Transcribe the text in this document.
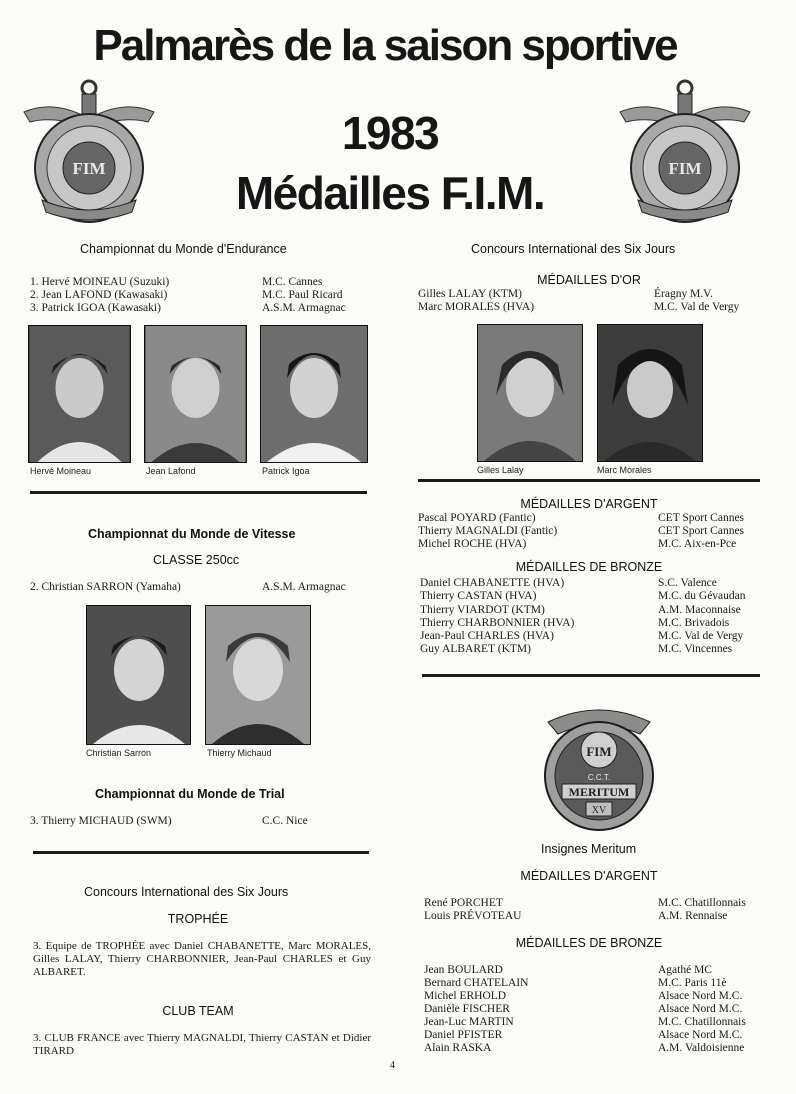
Palmarès de la saison sportive
1983
Médailles F.I.M.
FIM	FIM
Championnat du Monde d'Endurance
1. Hervé MOINEAU (Suzuki)	M.C. Cannes
2. Jean LAFOND (Kawasaki)	M.C. Paul Ricard
3. Patrick IGOA (Kawasaki)	A.S.M. Armagnac
Hervé Moineau	Jean Lafond	Patrick Igoa
Championnat du Monde de Vitesse
CLASSE 250cc
2. Christian SARRON (Yamaha)	A.S.M. Armagnac
Christian Sarron	Thierry Michaud
Championnat du Monde de Trial
3. Thierry MICHAUD (SWM)	C.C. Nice
Concours International des Six Jours
TROPHÉE
3. Equipe de TROPHÉE avec Daniel CHABANETTE, Marc MORALES, Gilles LALAY, Thierry CHARBONNIER, Jean-Paul CHARLES et Guy ALBARET.
CLUB TEAM
3. CLUB FRANCE avec Thierry MAGNALDI, Thierry CASTAN et Didier TIRARD
Concours International des Six Jours
MÉDAILLES D'OR
Gilles LALAY (KTM)	Éragny M.V.
Marc MORALES (HVA)	M.C. Val de Vergy
Gilles Lalay	Marc Morales
MÉDAILLES D'ARGENT
Pascal POYARD (Fantic)	CET Sport Cannes
Thierry MAGNALDI (Fantic)	CET Sport Cannes
Michel ROCHE (HVA)	M.C. Aix-en-Pce
MÉDAILLES DE BRONZE
Daniel CHABANETTE (HVA)	S.C. Valence
Thierry CASTAN (HVA)	M.C. du Gévaudan
Thierry VIARDOT (KTM)	A.M. Maconnaise
Thierry CHARBONNIER (HVA)	M.C. Brivadois
Jean-Paul CHARLES (HVA)	M.C. Val de Vergy
Guy ALBARET (KTM)	M.C. Vincennes
FIM
C.C.T.
MERITUM
XV
Insignes Meritum
MÉDAILLES D'ARGENT
René PORCHET	M.C. Chatillonnais
Louis PRÉVOTEAU	A.M. Rennaise
MÉDAILLES DE BRONZE
Jean BOULARD	Agathé MC
Bernard CHATELAIN	M.C. Paris 11è
Michel ERHOLD	Alsace Nord M.C.
Danièle FISCHER	Alsace Nord M.C.
Jean-Luc MARTIN	M.C. Chatillonnais
Daniel PFISTER	Alsace Nord M.C.
Alain RASKA	A.M. Valdoisienne
4
